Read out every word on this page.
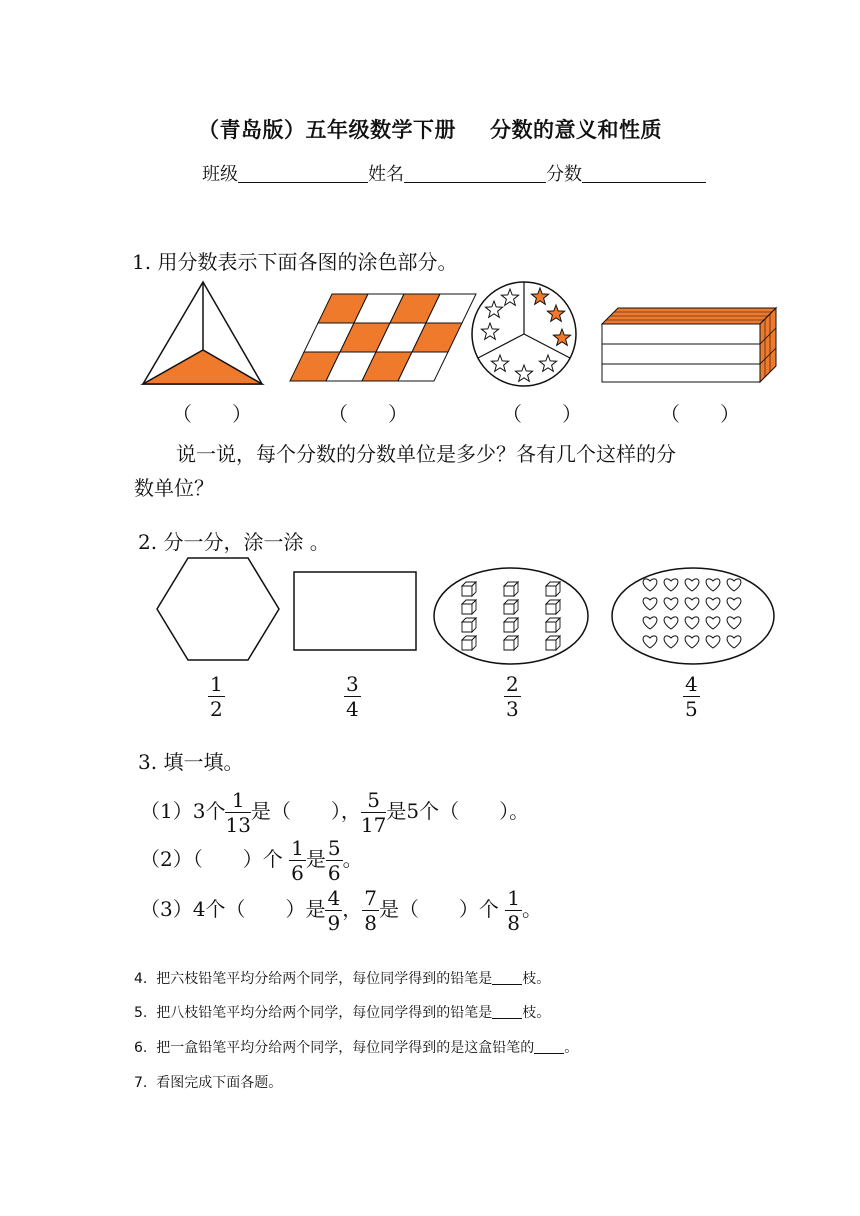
（青岛版）五年级数学下册 分数的意义和性质
班级	姓名	分数
1. 用分数表示下面各图的涂色部分。
（　　）	（　　）	（　　）	（　　）
说一说，每个分数的分数单位是多少？各有几个这样的分
数单位？
2. 分一分，涂一涂 。
$\frac{1}{2}$	$\frac{3}{4}$	$\frac{2}{3}$	$\frac{4}{5}$
3. 填一填。
（1）3个 $\frac{1}{13}$ 是（　　）， $\frac{5}{17}$ 是5个（　　）。
（2）（　　）个 $\frac{1}{6}$ 是 $\frac{5}{6}$ 。
（3）4个（　　）是 $\frac{4}{9}$ ， $\frac{7}{8}$ 是（　　）个 $\frac{1}{8}$ 。
4. 把六枝铅笔平均分给两个同学，每位同学得到的铅笔是 枝。
5. 把八枝铅笔平均分给两个同学，每位同学得到的铅笔是 枝。
6. 把一盒铅笔平均分给两个同学，每位同学得到的是这盒铅笔的 。
7. 看图完成下面各题。
